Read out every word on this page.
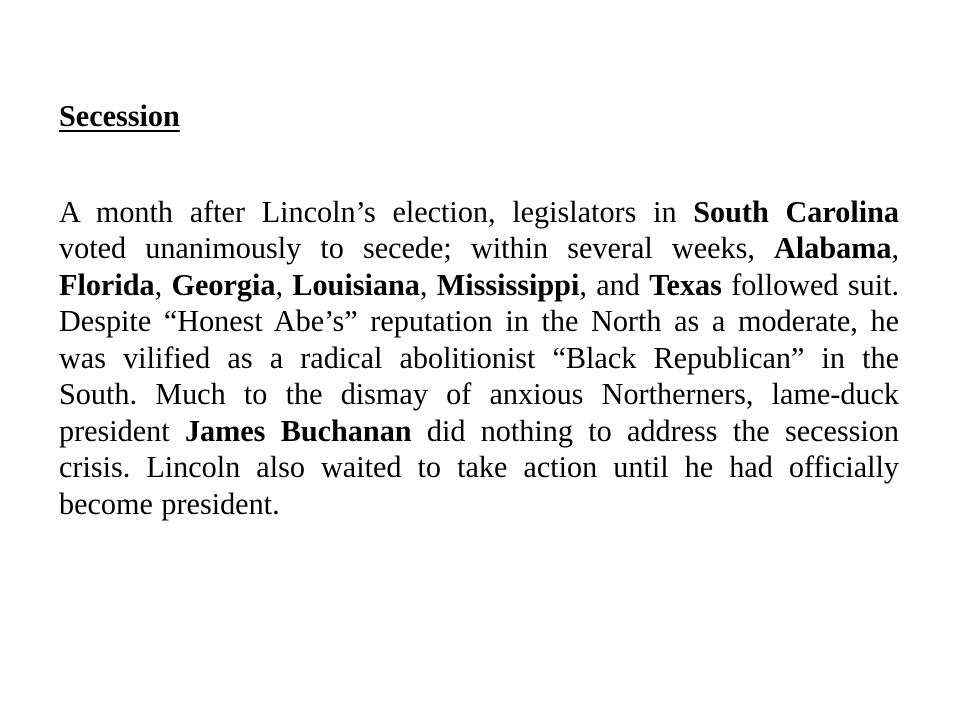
Secession

A month after Lincoln’s election, legislators in South Carolina voted unanimously to secede; within several weeks, Alabama, Florida, Georgia, Louisiana, Mississippi, and Texas followed suit. Despite “Honest Abe’s” reputation in the North as a moderate, he was vilified as a radical abolitionist “Black Republican” in the South. Much to the dismay of anxious Northerners, lame-duck president James Buchanan did nothing to address the secession crisis. Lincoln also waited to take action until he had officially become president.
